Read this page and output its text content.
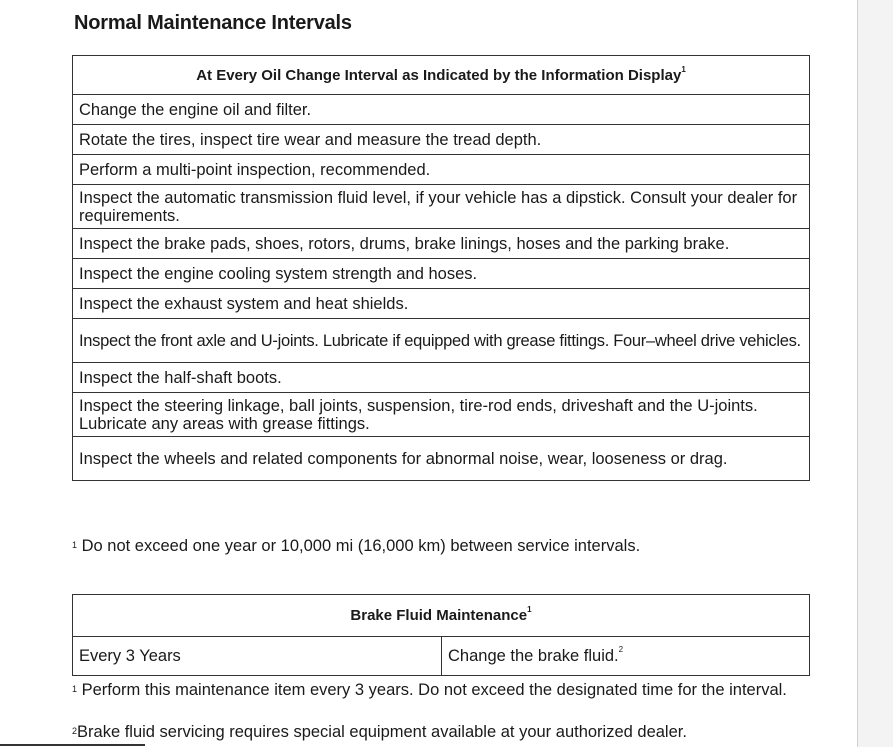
Normal Maintenance Intervals
At Every Oil Change Interval as Indicated by the Information Display$^1$
Change the engine oil and filter.
Rotate the tires, inspect tire wear and measure the tread depth.
Perform a multi-point inspection, recommended.
Inspect the automatic transmission fluid level, if your vehicle has a dipstick. Consult your dealer for requirements.
Inspect the brake pads, shoes, rotors, drums, brake linings, hoses and the parking brake.
Inspect the engine cooling system strength and hoses.
Inspect the exhaust system and heat shields.
Inspect the front axle and U-joints. Lubricate if equipped with grease fittings. Four–wheel drive vehicles.
Inspect the half-shaft boots.
Inspect the steering linkage, ball joints, suspension, tire-rod ends, driveshaft and the U-joints. Lubricate any areas with grease fittings.
Inspect the wheels and related components for abnormal noise, wear, looseness or drag.

$^1$ Do not exceed one year or 10,000 mi (16,000 km) between service intervals.

Brake Fluid Maintenance$^1$
Every 3 Years	Change the brake fluid.$^2$

$^1$ Perform this maintenance item every 3 years. Do not exceed the designated time for the interval.

$^2$Brake fluid servicing requires special equipment available at your authorized dealer.
